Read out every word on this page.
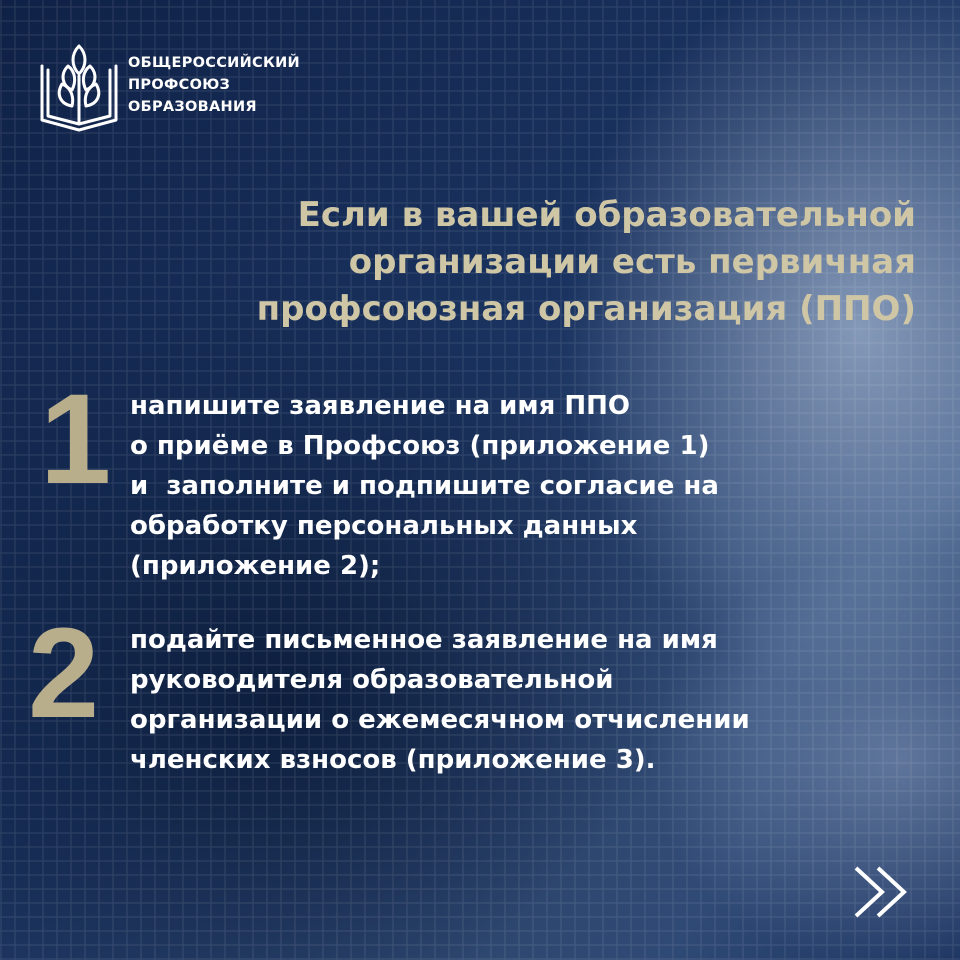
ОБЩЕРОССИЙСКИЙ
ПРОФСОЮЗ
ОБРАЗОВАНИЯ
Если в вашей образовательной
организации есть первичная
профсоюзная организация (ППО)
1 напишите заявление на имя ППО
о приёме в Профсоюз (приложение 1)
и  заполните и подпишите согласие на
обработку персональных данных
(приложение 2);
2 подайте письменное заявление на имя
руководителя образовательной
организации о ежемесячном отчислении
членских взносов (приложение 3).
